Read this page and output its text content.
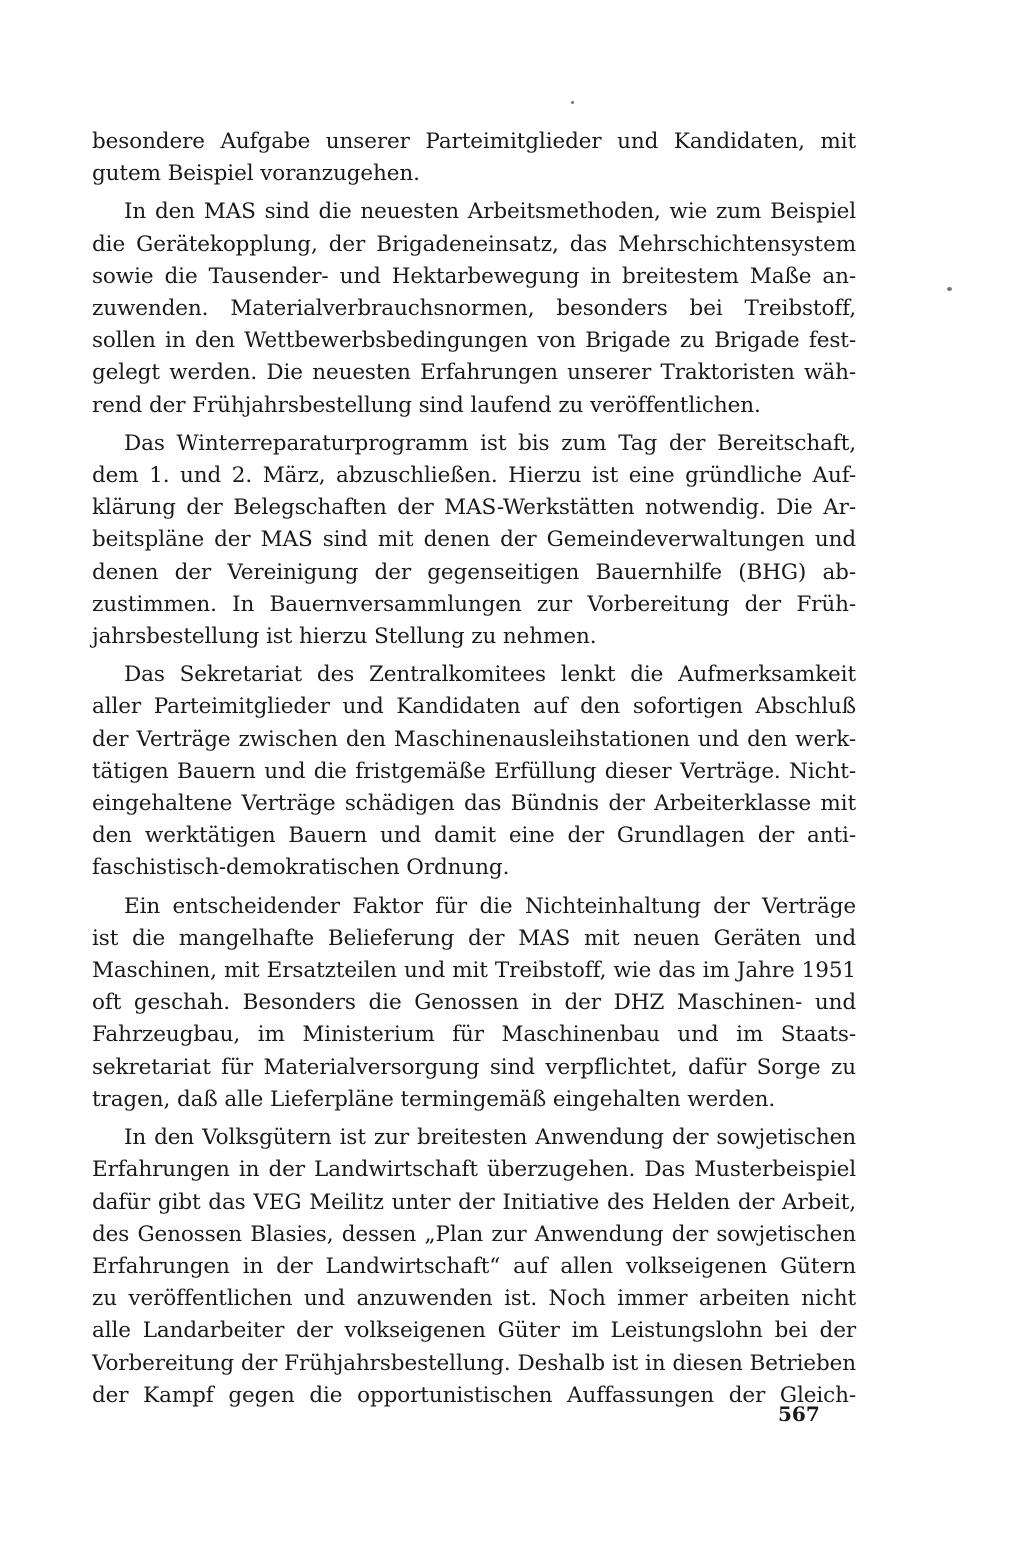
besondere Aufgabe unserer Parteimitglieder und Kandidaten, mit
gutem Beispiel voranzugehen.

In den MAS sind die neuesten Arbeitsmethoden, wie zum Beispiel
die Gerätekopplung, der Brigadeneinsatz, das Mehrschichtensystem
sowie die Tausender- und Hektarbewegung in breitestem Maße an-
zuwenden. Materialverbrauchsnormen, besonders bei Treibstoff,
sollen in den Wettbewerbsbedingungen von Brigade zu Brigade fest-
gelegt werden. Die neuesten Erfahrungen unserer Traktoristen wäh-
rend der Frühjahrsbestellung sind laufend zu veröffentlichen.

Das Winterreparaturprogramm ist bis zum Tag der Bereitschaft,
dem 1. und 2. März, abzuschließen. Hierzu ist eine gründliche Auf-
klärung der Belegschaften der MAS-Werkstätten notwendig. Die Ar-
beitspläne der MAS sind mit denen der Gemeindeverwaltungen und
denen der Vereinigung der gegenseitigen Bauernhilfe (BHG) ab-
zustimmen. In Bauernversammlungen zur Vorbereitung der Früh-
jahrsbestellung ist hierzu Stellung zu nehmen.

Das Sekretariat des Zentralkomitees lenkt die Aufmerksamkeit
aller Parteimitglieder und Kandidaten auf den sofortigen Abschluß
der Verträge zwischen den Maschinenausleihstationen und den werk-
tätigen Bauern und die fristgemäße Erfüllung dieser Verträge. Nicht-
eingehaltene Verträge schädigen das Bündnis der Arbeiterklasse mit
den werktätigen Bauern und damit eine der Grundlagen der anti-
faschistisch-demokratischen Ordnung.

Ein entscheidender Faktor für die Nichteinhaltung der Verträge
ist die mangelhafte Belieferung der MAS mit neuen Geräten und
Maschinen, mit Ersatzteilen und mit Treibstoff, wie das im Jahre 1951
oft geschah. Besonders die Genossen in der DHZ Maschinen- und
Fahrzeugbau, im Ministerium für Maschinenbau und im Staats-
sekretariat für Materialversorgung sind verpflichtet, dafür Sorge zu
tragen, daß alle Lieferpläne termingemäß eingehalten werden.

In den Volksgütern ist zur breitesten Anwendung der sowjetischen
Erfahrungen in der Landwirtschaft überzugehen. Das Musterbeispiel
dafür gibt das VEG Meilitz unter der Initiative des Helden der Arbeit,
des Genossen Blasies, dessen „Plan zur Anwendung der sowjetischen
Erfahrungen in der Landwirtschaft“ auf allen volkseigenen Gütern
zu veröffentlichen und anzuwenden ist. Noch immer arbeiten nicht
alle Landarbeiter der volkseigenen Güter im Leistungslohn bei der
Vorbereitung der Frühjahrsbestellung. Deshalb ist in diesen Betrieben
der Kampf gegen die opportunistischen Auffassungen der Gleich-

567
